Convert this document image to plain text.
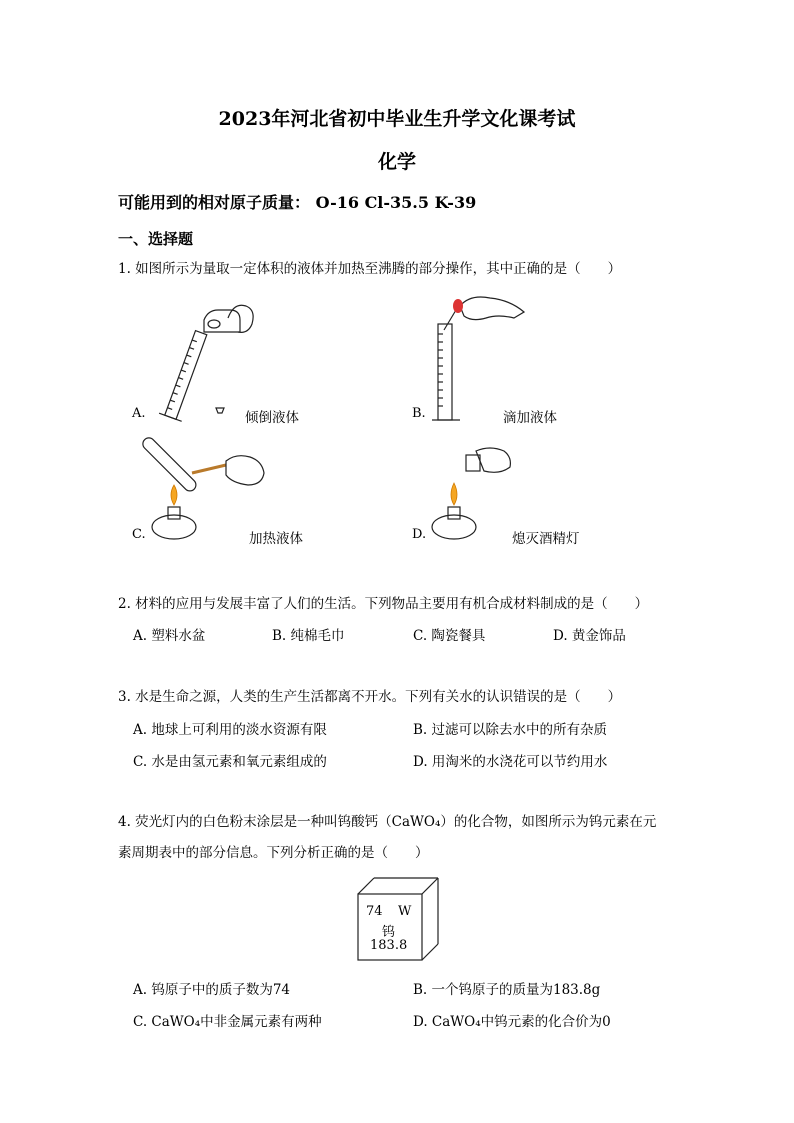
2023年河北省初中毕业生升学文化课考试
化学
可能用到的相对原子质量： O-16 Cl-35.5 K-39
一、选择题
1. 如图所示为量取一定体积的液体并加热至沸腾的部分操作，其中正确的是（　　）
A.	倾倒液体	B.	滴加液体
C.	加热液体	D.	熄灭酒精灯
2. 材料的应用与发展丰富了人们的生活。下列物品主要用有机合成材料制成的是（　　）
A. 塑料水盆	B. 纯棉毛巾	C. 陶瓷餐具	D. 黄金饰品
3. 水是生命之源，人类的生产生活都离不开水。下列有关水的认识错误的是（　　）
A. 地球上可利用的淡水资源有限	B. 过滤可以除去水中的所有杂质
C. 水是由氢元素和氧元素组成的	D. 用淘米的水浇花可以节约用水
4. 荧光灯内的白色粉末涂层是一种叫钨酸钙（CaWO₄）的化合物，如图所示为钨元素在元
素周期表中的部分信息。下列分析正确的是（　　）
74 W
钨
183.8
A. 钨原子中的质子数为74	B. 一个钨原子的质量为183.8g
C. CaWO₄中非金属元素有两种	D. CaWO₄中钨元素的化合价为0
